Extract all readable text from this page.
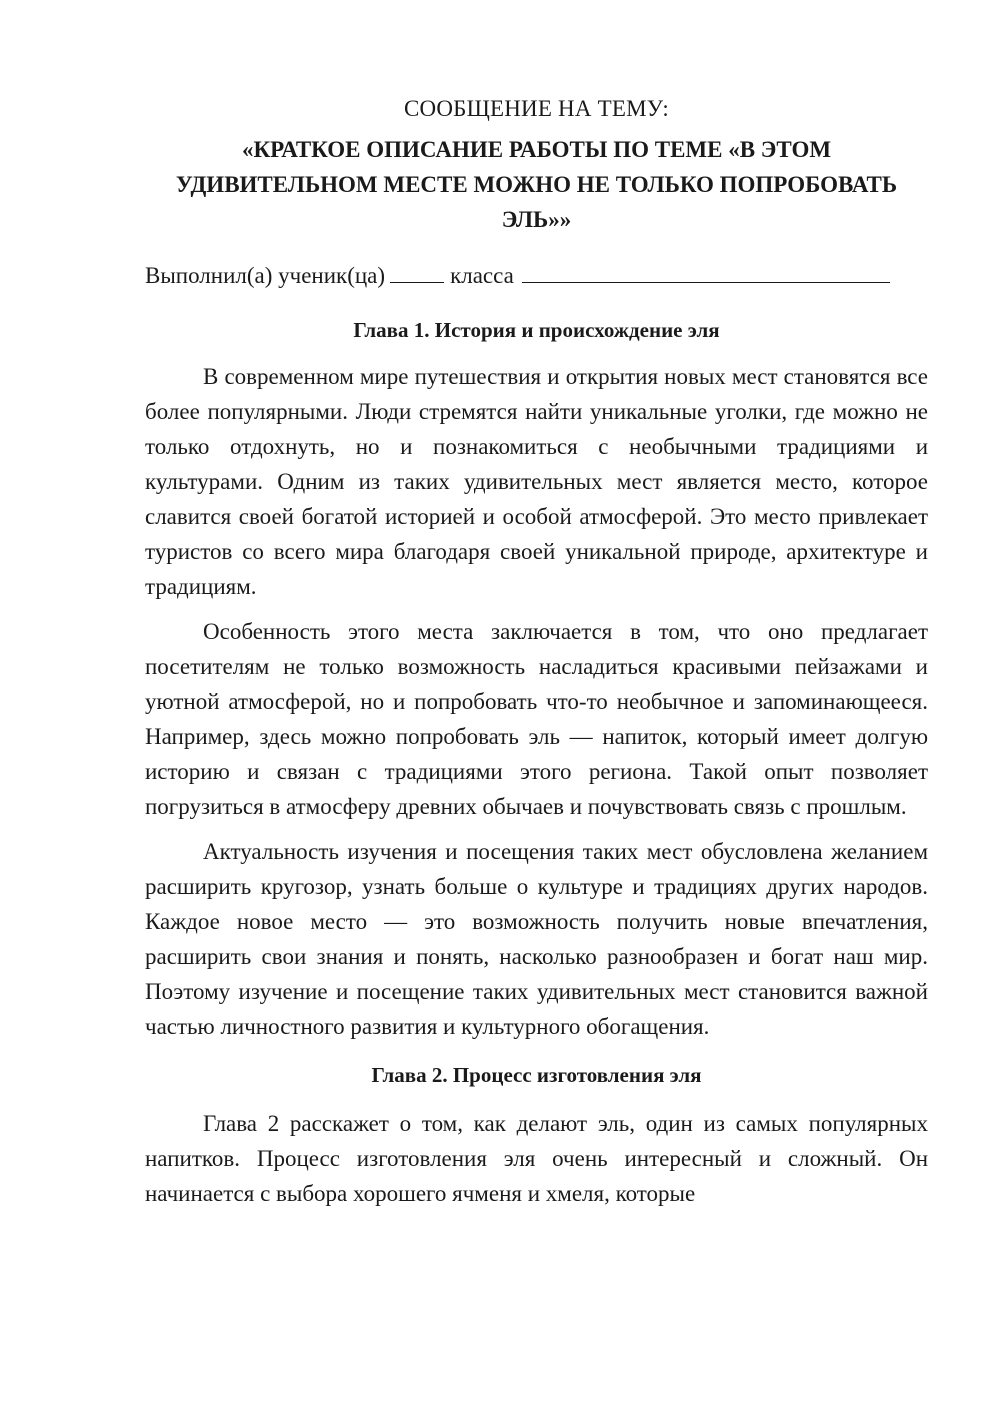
СООБЩЕНИЕ НА ТЕМУ:
«КРАТКОЕ ОПИСАНИЕ РАБОТЫ ПО ТЕМЕ «В ЭТОМ УДИВИТЕЛЬНОМ МЕСТЕ МОЖНО НЕ ТОЛЬКО ПОПРОБОВАТЬ ЭЛЬ»»
Выполнил(а) ученик(ца)	класса
Глава 1. История и происхождение эля

В современном мире путешествия и открытия новых мест становятся все более популярными. Люди стремятся найти уникальные уголки, где можно не только отдохнуть, но и познакомиться с необычными традициями и культурами. Одним из таких удивительных мест является место, которое славится своей богатой историей и особой атмосферой. Это место привлекает туристов со всего мира благодаря своей уникальной природе, архитектуре и традициям.

Особенность этого места заключается в том, что оно предлагает посетителям не только возможность насладиться красивыми пейзажами и уютной атмосферой, но и попробовать что-то необычное и запоминающееся. Например, здесь можно попробовать эль — напиток, который имеет долгую историю и связан с традициями этого региона. Такой опыт позволяет погрузиться в атмосферу древних обычаев и почувствовать связь с прошлым.

Актуальность изучения и посещения таких мест обусловлена желанием расширить кругозор, узнать больше о культуре и традициях других народов. Каждое новое место — это возможность получить новые впечатления, расширить свои знания и понять, насколько разнообразен и богат наш мир. Поэтому изучение и посещение таких удивительных мест становится важной частью личностного развития и культурного обогащения.

Глава 2. Процесс изготовления эля

Глава 2 расскажет о том, как делают эль, один из самых популярных напитков. Процесс изготовления эля очень интересный и сложный. Он начинается с выбора хорошего ячменя и хмеля, которые
